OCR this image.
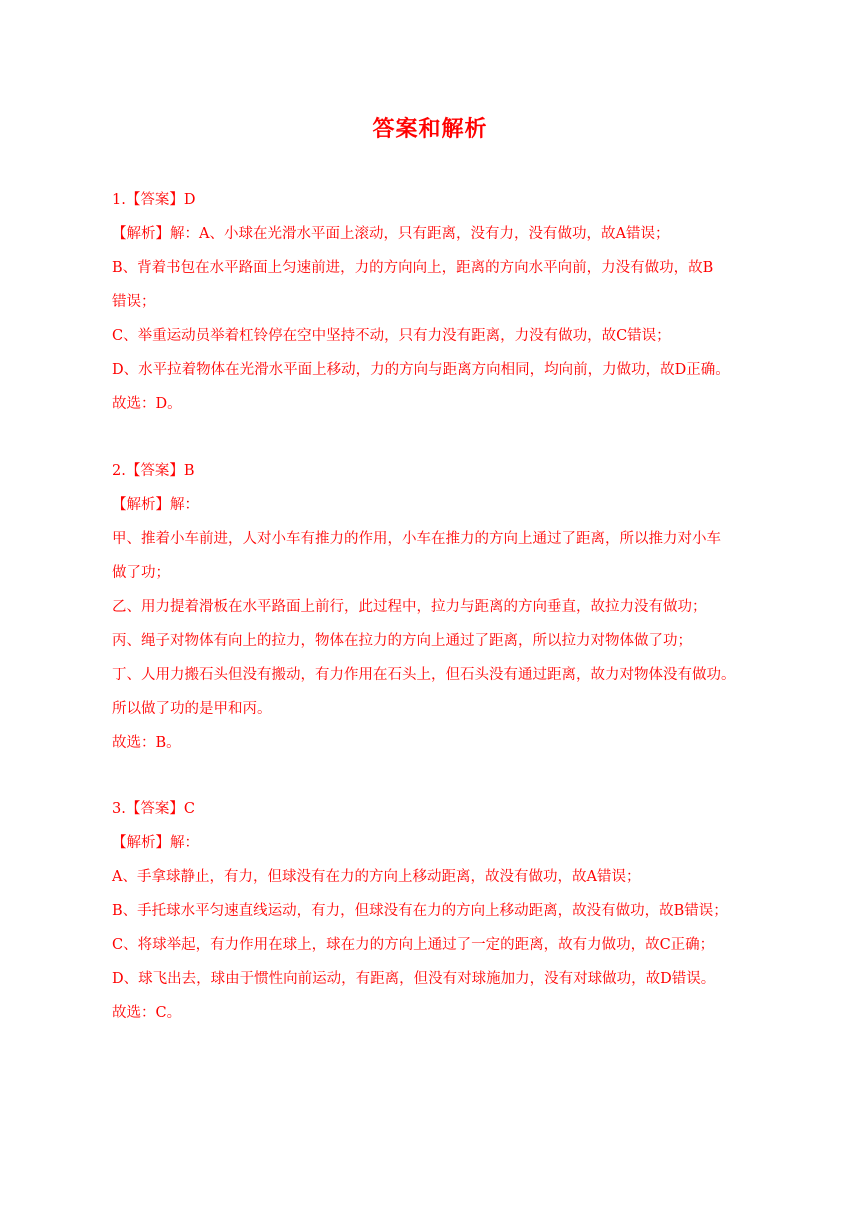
答案和解析
1.【答案】D
【解析】解：A、小球在光滑水平面上滚动，只有距离，没有力，没有做功，故A错误；
B、背着书包在水平路面上匀速前进，力的方向向上，距离的方向水平向前，力没有做功，故B
错误；
C、举重运动员举着杠铃停在空中坚持不动，只有力没有距离，力没有做功，故C错误；
D、水平拉着物体在光滑水平面上移动，力的方向与距离方向相同，均向前，力做功，故D正确。
故选：D。
2.【答案】B
【解析】解：
甲、推着小车前进，人对小车有推力的作用，小车在推力的方向上通过了距离，所以推力对小车
做了功；
乙、用力提着滑板在水平路面上前行，此过程中，拉力与距离的方向垂直，故拉力没有做功；
丙、绳子对物体有向上的拉力，物体在拉力的方向上通过了距离，所以拉力对物体做了功；
丁、人用力搬石头但没有搬动，有力作用在石头上，但石头没有通过距离，故力对物体没有做功。
所以做了功的是甲和丙。
故选：B。
3.【答案】C
【解析】解：
A、手拿球静止，有力，但球没有在力的方向上移动距离，故没有做功，故A错误；
B、手托球水平匀速直线运动，有力，但球没有在力的方向上移动距离，故没有做功，故B错误；
C、将球举起，有力作用在球上，球在力的方向上通过了一定的距离，故有力做功，故C正确；
D、球飞出去，球由于惯性向前运动，有距离，但没有对球施加力，没有对球做功，故D错误。
故选：C。
